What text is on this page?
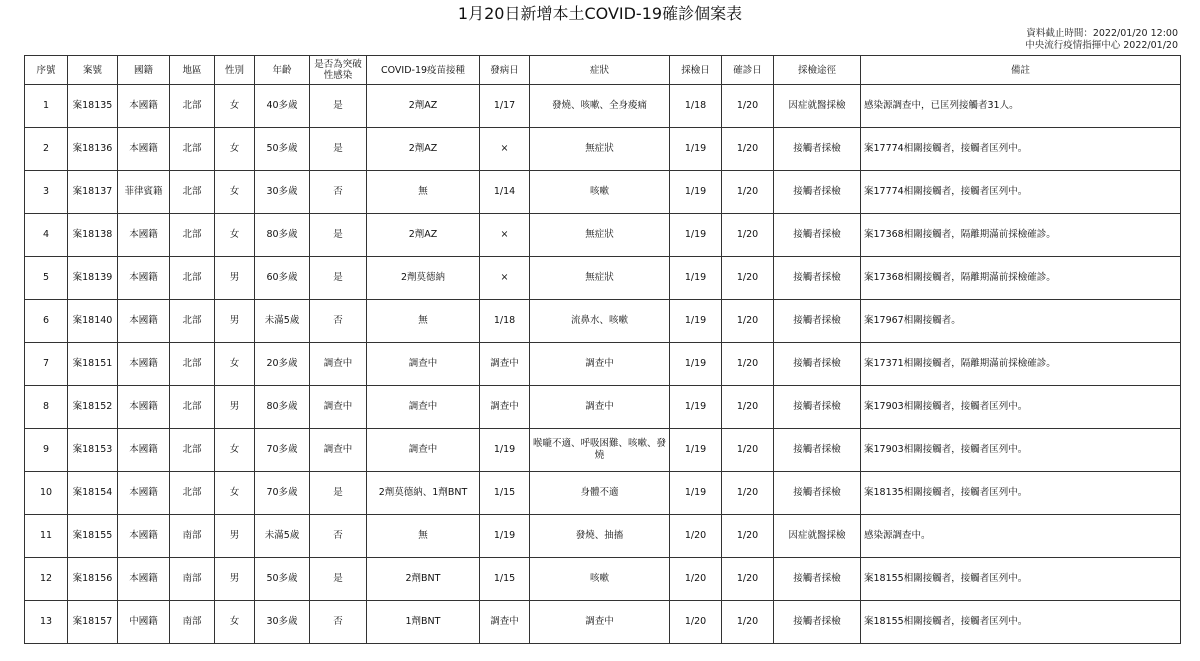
1月20日新增本土COVID-19確診個案表
資料截止時間：2022/01/20 12:00
中央流行疫情指揮中心 2022/01/20
序號	案號	國籍	地區	性別	年齡	是否為突破性感染	COVID-19疫苗接種	發病日	症狀	採檢日	確診日	採檢途徑	備註
1	案18135	本國籍	北部	女	40多歲	是	2劑AZ	1/17	發燒、咳嗽、全身痠痛	1/18	1/20	因症就醫採檢	感染源調查中，已匡列接觸者31人。
2	案18136	本國籍	北部	女	50多歲	是	2劑AZ	×	無症狀	1/19	1/20	接觸者採檢	案17774相關接觸者，接觸者匡列中。
3	案18137	菲律賓籍	北部	女	30多歲	否	無	1/14	咳嗽	1/19	1/20	接觸者採檢	案17774相關接觸者，接觸者匡列中。
4	案18138	本國籍	北部	女	80多歲	是	2劑AZ	×	無症狀	1/19	1/20	接觸者採檢	案17368相關接觸者，隔離期滿前採檢確診。
5	案18139	本國籍	北部	男	60多歲	是	2劑莫德納	×	無症狀	1/19	1/20	接觸者採檢	案17368相關接觸者，隔離期滿前採檢確診。
6	案18140	本國籍	北部	男	未滿5歲	否	無	1/18	流鼻水、咳嗽	1/19	1/20	接觸者採檢	案17967相關接觸者。
7	案18151	本國籍	北部	女	20多歲	調查中	調查中	調查中	調查中	1/19	1/20	接觸者採檢	案17371相關接觸者，隔離期滿前採檢確診。
8	案18152	本國籍	北部	男	80多歲	調查中	調查中	調查中	調查中	1/19	1/20	接觸者採檢	案17903相關接觸者，接觸者匡列中。
9	案18153	本國籍	北部	女	70多歲	調查中	調查中	1/19	喉嚨不適、呼吸困難、咳嗽、發燒	1/19	1/20	接觸者採檢	案17903相關接觸者，接觸者匡列中。
10	案18154	本國籍	北部	女	70多歲	是	2劑莫德納、1劑BNT	1/15	身體不適	1/19	1/20	接觸者採檢	案18135相關接觸者，接觸者匡列中。
11	案18155	本國籍	南部	男	未滿5歲	否	無	1/19	發燒、抽搐	1/20	1/20	因症就醫採檢	感染源調查中。
12	案18156	本國籍	南部	男	50多歲	是	2劑BNT	1/15	咳嗽	1/20	1/20	接觸者採檢	案18155相關接觸者，接觸者匡列中。
13	案18157	中國籍	南部	女	30多歲	否	1劑BNT	調查中	調查中	1/20	1/20	接觸者採檢	案18155相關接觸者，接觸者匡列中。
